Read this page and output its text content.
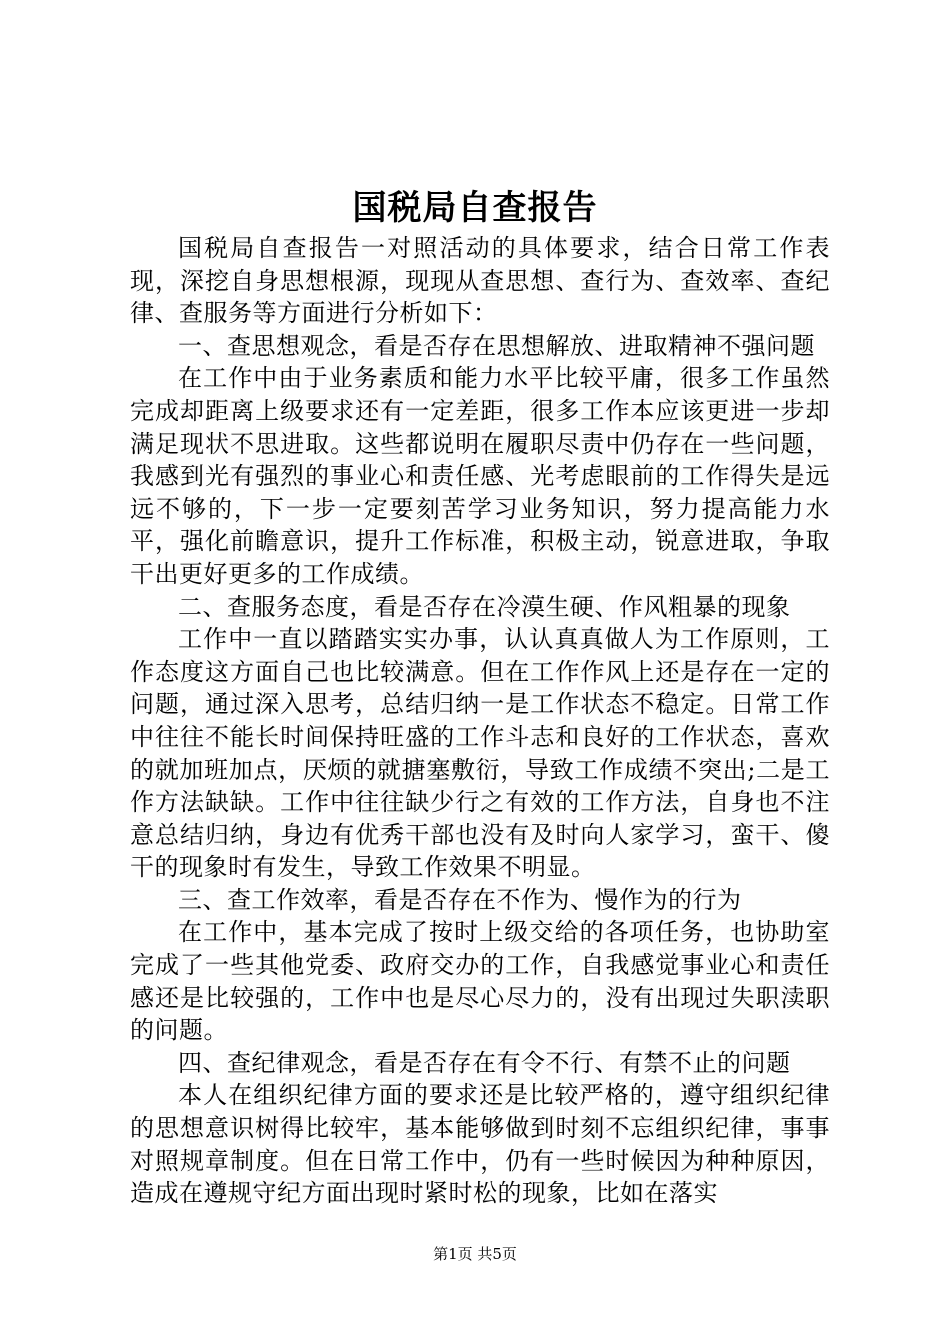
国税局自查报告

国税局自查报告一对照活动的具体要求，结合日常工作表现，深挖自身思想根源，现现从查思想、查行为、查效率、查纪律、查服务等方面进行分析如下：

一、查思想观念，看是否存在思想解放、进取精神不强问题

在工作中由于业务素质和能力水平比较平庸，很多工作虽然完成却距离上级要求还有一定差距，很多工作本应该更进一步却满足现状不思进取。这些都说明在履职尽责中仍存在一些问题，我感到光有强烈的事业心和责任感、光考虑眼前的工作得失是远远不够的，下一步一定要刻苦学习业务知识，努力提高能力水平，强化前瞻意识，提升工作标准，积极主动，锐意进取，争取干出更好更多的工作成绩。

二、查服务态度，看是否存在冷漠生硬、作风粗暴的现象

工作中一直以踏踏实实办事，认认真真做人为工作原则，工作态度这方面自己也比较满意。但在工作作风上还是存在一定的问题，通过深入思考，总结归纳一是工作状态不稳定。日常工作中往往不能长时间保持旺盛的工作斗志和良好的工作状态，喜欢的就加班加点，厌烦的就搪塞敷衍，导致工作成绩不突出;二是工作方法缺缺。工作中往往缺少行之有效的工作方法，自身也不注意总结归纳，身边有优秀干部也没有及时向人家学习，蛮干、傻干的现象时有发生，导致工作效果不明显。

三、查工作效率，看是否存在不作为、慢作为的行为

在工作中，基本完成了按时上级交给的各项任务，也协助室完成了一些其他党委、政府交办的工作，自我感觉事业心和责任感还是比较强的，工作中也是尽心尽力的，没有出现过失职渎职的问题。

四、查纪律观念，看是否存在有令不行、有禁不止的问题

本人在组织纪律方面的要求还是比较严格的，遵守组织纪律的思想意识树得比较牢，基本能够做到时刻不忘组织纪律，事事对照规章制度。但在日常工作中，仍有一些时候因为种种原因，造成在遵规守纪方面出现时紧时松的现象，比如在落实

第1页 共5页
